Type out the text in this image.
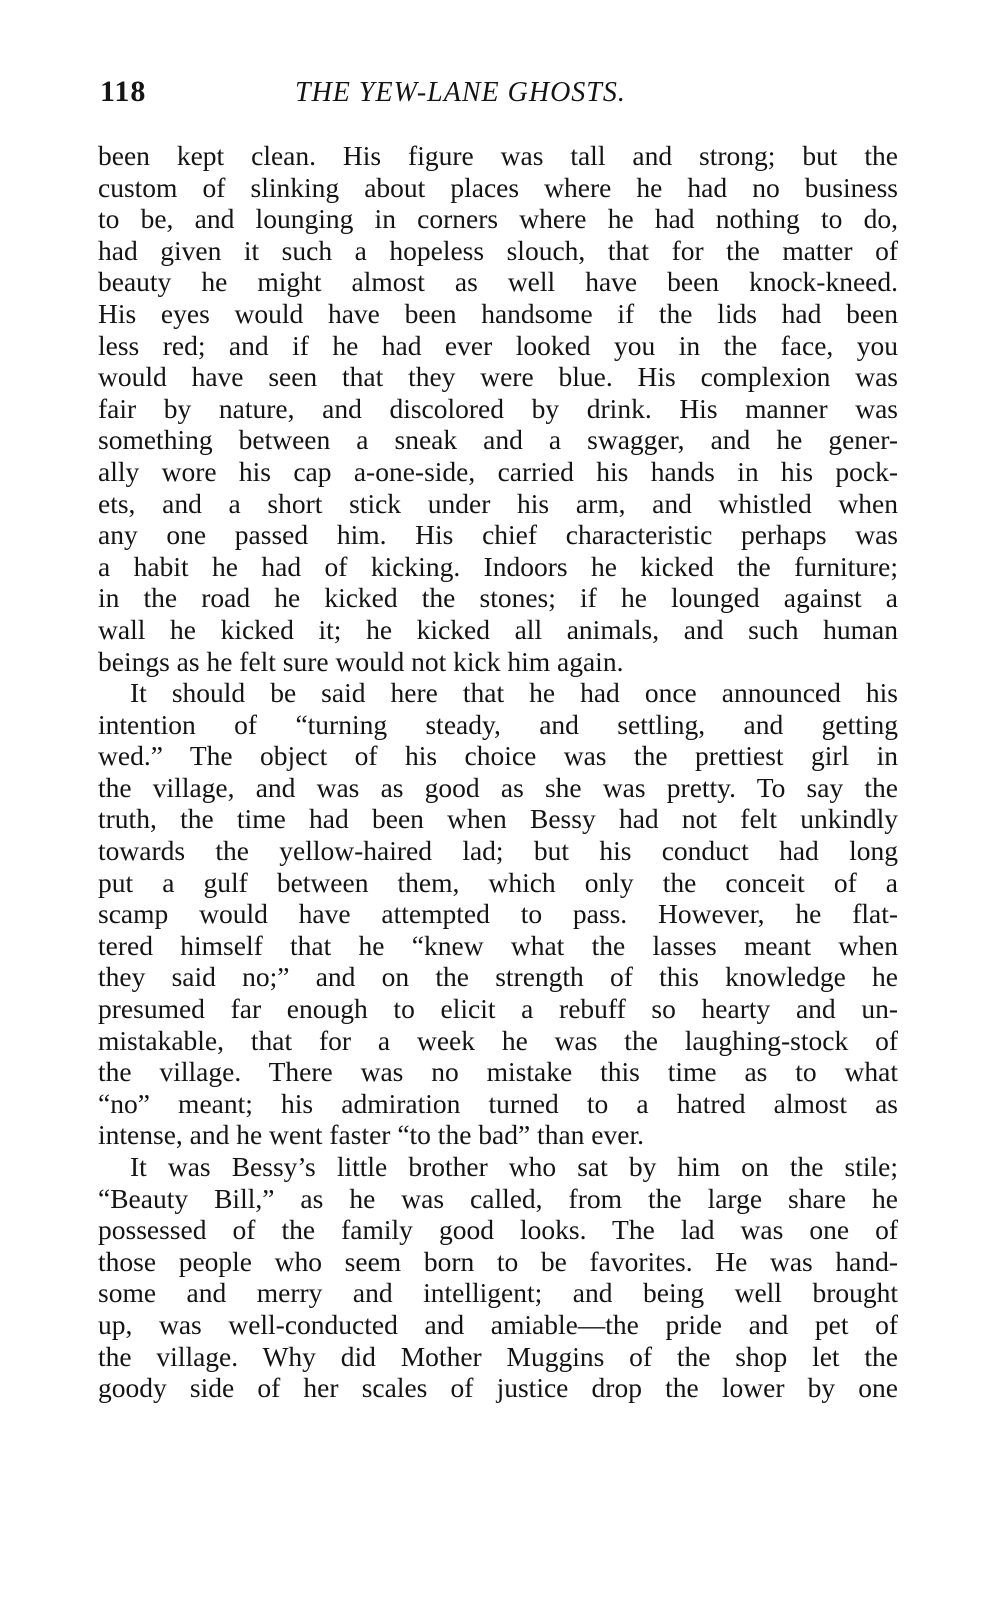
118	THE YEW-LANE GHOSTS.
been kept clean. His figure was tall and strong; but the
custom of slinking about places where he had no business
to be, and lounging in corners where he had nothing to do,
had given it such a hopeless slouch, that for the matter of
beauty he might almost as well have been knock-kneed.
His eyes would have been handsome if the lids had been
less red; and if he had ever looked you in the face, you
would have seen that they were blue. His complexion was
fair by nature, and discolored by drink. His manner was
something between a sneak and a swagger, and he gener-
ally wore his cap a-one-side, carried his hands in his pock-
ets, and a short stick under his arm, and whistled when
any one passed him. His chief characteristic perhaps was
a habit he had of kicking. Indoors he kicked the furniture;
in the road he kicked the stones; if he lounged against a
wall he kicked it; he kicked all animals, and such human
beings as he felt sure would not kick him again.
It should be said here that he had once announced his
intention of “turning steady, and settling, and getting
wed.” The object of his choice was the prettiest girl in
the village, and was as good as she was pretty. To say the
truth, the time had been when Bessy had not felt unkindly
towards the yellow-haired lad; but his conduct had long
put a gulf between them, which only the conceit of a
scamp would have attempted to pass. However, he flat-
tered himself that he “knew what the lasses meant when
they said no;” and on the strength of this knowledge he
presumed far enough to elicit a rebuff so hearty and un-
mistakable, that for a week he was the laughing-stock of
the village. There was no mistake this time as to what
“no” meant; his admiration turned to a hatred almost as
intense, and he went faster “to the bad” than ever.
It was Bessy’s little brother who sat by him on the stile;
“Beauty Bill,” as he was called, from the large share he
possessed of the family good looks. The lad was one of
those people who seem born to be favorites. He was hand-
some and merry and intelligent; and being well brought
up, was well-conducted and amiable—the pride and pet of
the village. Why did Mother Muggins of the shop let the
goody side of her scales of justice drop the lower by one
